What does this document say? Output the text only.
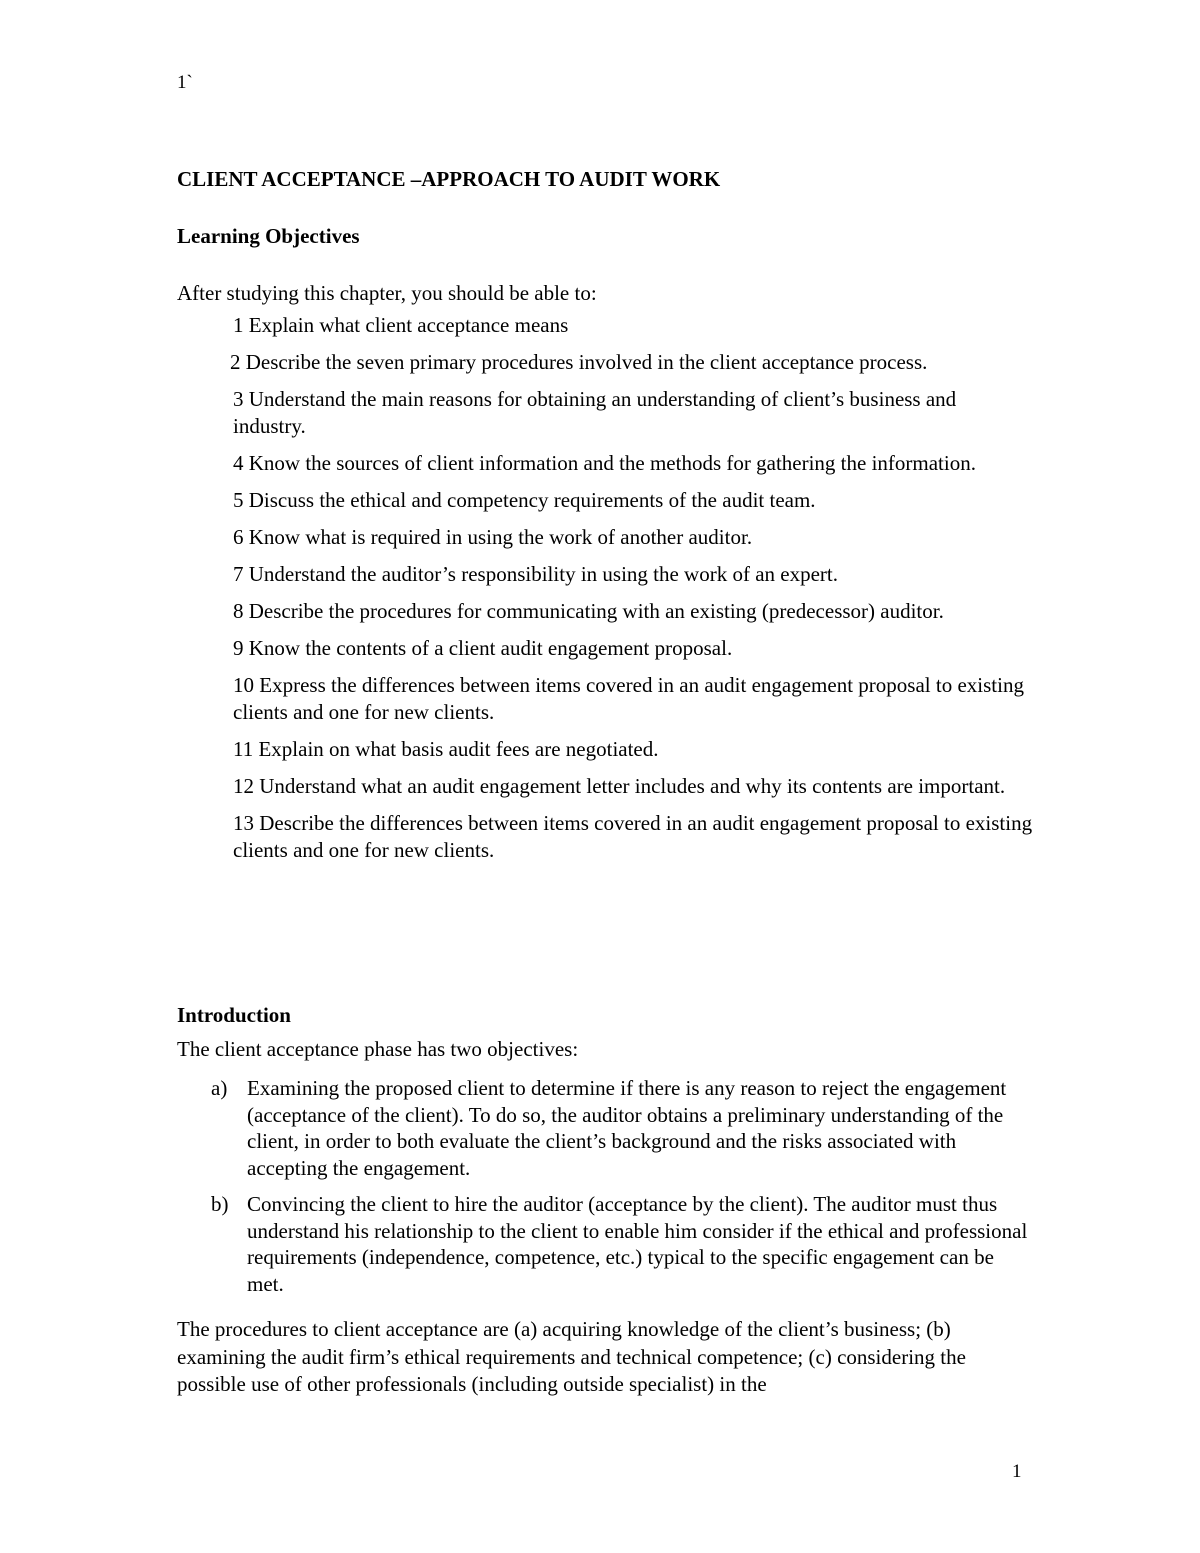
1`

CLIENT ACCEPTANCE –APPROACH TO AUDIT WORK

Learning Objectives

After studying this chapter, you should be able to:

1 Explain what client acceptance means
2 Describe the seven primary procedures involved in the client acceptance process.
3 Understand the main reasons for obtaining an understanding of client’s business and industry.
4 Know the sources of client information and the methods for gathering the information.
5 Discuss the ethical and competency requirements of the audit team.
6 Know what is required in using the work of another auditor.
7 Understand the auditor’s responsibility in using the work of an expert.
8 Describe the procedures for communicating with an existing (predecessor) auditor.
9 Know the contents of a client audit engagement proposal.
10 Express the differences between items covered in an audit engagement proposal to existing clients and one for new clients.
11 Explain on what basis audit fees are negotiated.
12 Understand what an audit engagement letter includes and why its contents are important.
13 Describe the differences between items covered in an audit engagement proposal to existing clients and one for new clients.

Introduction

The client acceptance phase has two objectives:

a) Examining the proposed client to determine if there is any reason to reject the engagement (acceptance of the client). To do so, the auditor obtains a preliminary understanding of the client, in order to both evaluate the client’s background and the risks associated with accepting the engagement.
b) Convincing the client to hire the auditor (acceptance by the client). The auditor must thus understand his relationship to the client to enable him consider if the ethical and professional requirements (independence, competence, etc.) typical to the specific engagement can be met.

The procedures to client acceptance are (a) acquiring knowledge of the client’s business; (b) examining the audit firm’s ethical requirements and technical competence; (c) considering the possible use of other professionals (including outside specialist) in the

1
